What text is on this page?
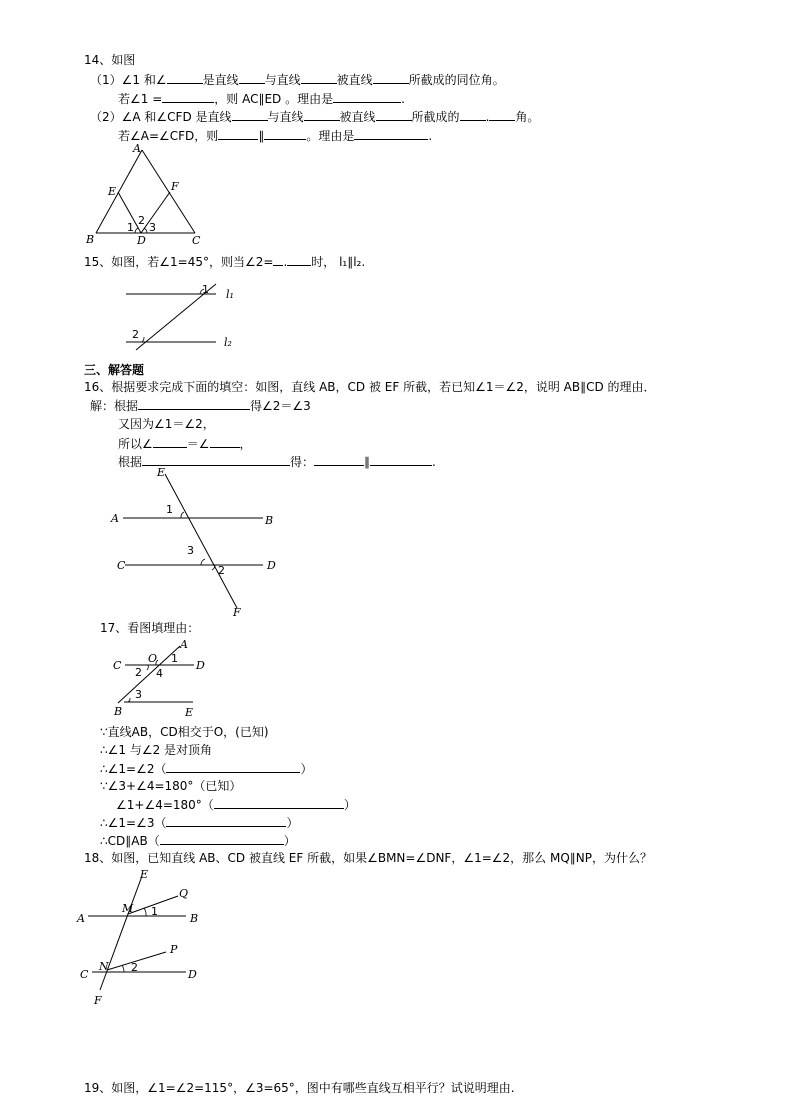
14、如图
（1）∠1 和∠	是直线 与直线	被直线	所截成的同位角。
若∠1 =	，则 AC∥ED 。理由是	.
（2）∠A 和∠CFD 是直线	与直线	被直线	所截成的 . 角。
若∠A=∠CFD，则	∥	。理由是	.
A
E	F
B	D	C
1
2
3
15、如图，若∠1=45°，则当∠2= . 时， l₁∥l₂.
1
2
l₁
l₂
三、解答题
16、根据要求完成下面的填空：如图，直线 AB，CD 被 EF 所截，若已知∠1＝∠2，说明 AB∥CD 的理由．
解：根据	得∠2＝∠3
又因为∠1＝∠2，
所以∠	＝∠	，
根据	得：	∥	.
E
A	B
C	D
F
1
3
2
17、看图填理由：
A
C
O
D
B	E
1
2 4
3
∵直线AB，CD相交于O，(已知)
∴∠1 与∠2 是对顶角
∴∠1=∠2（	）
∵∠3+∠4=180°（已知）
∠1+∠4=180°（	）
∴∠1=∠3（	）
∴CD∥AB（	）
18、如图，已知直线 AB、CD 被直线 EF 所截，如果∠BMN=∠DNF，∠1=∠2，那么 MQ∥NP，为什么？
E
Q
A
M
B
1
P
C
N 2
D
F
19、如图，∠1=∠2=115°，∠3=65°，图中有哪些直线互相平行？试说明理由.
